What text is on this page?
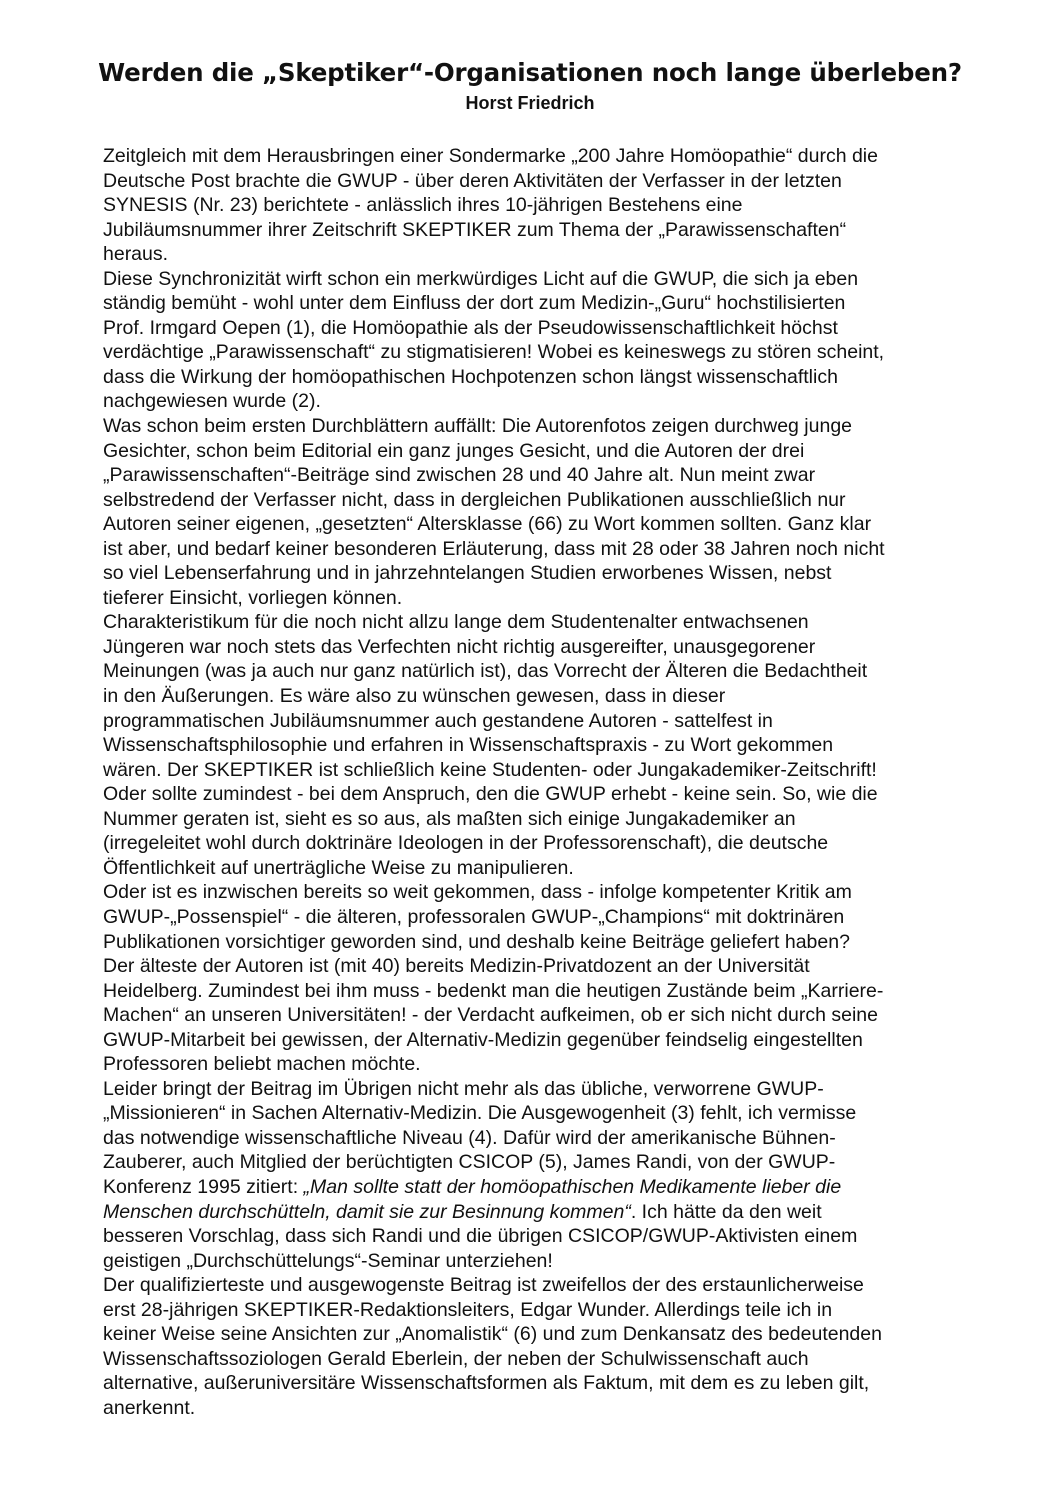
Werden die „Skeptiker“-Organisationen noch lange überleben?
Horst Friedrich
Zeitgleich mit dem Herausbringen einer Sondermarke „200 Jahre Homöopathie“ durch die
Deutsche Post brachte die GWUP - über deren Aktivitäten der Verfasser in der letzten
SYNESIS (Nr. 23) berichtete - anlässlich ihres 10-jährigen Bestehens eine
Jubiläumsnummer ihrer Zeitschrift SKEPTIKER zum Thema der „Parawissenschaften“
heraus.
Diese Synchronizität wirft schon ein merkwürdiges Licht auf die GWUP, die sich ja eben
ständig bemüht - wohl unter dem Einfluss der dort zum Medizin-„Guru“ hochstilisierten
Prof. Irmgard Oepen (1), die Homöopathie als der Pseudowissenschaftlichkeit höchst
verdächtige „Parawissenschaft“ zu stigmatisieren! Wobei es keineswegs zu stören scheint,
dass die Wirkung der homöopathischen Hochpotenzen schon längst wissenschaftlich
nachgewiesen wurde (2).
Was schon beim ersten Durchblättern auffällt: Die Autorenfotos zeigen durchweg junge
Gesichter, schon beim Editorial ein ganz junges Gesicht, und die Autoren der drei
„Parawissenschaften“-Beiträge sind zwischen 28 und 40 Jahre alt. Nun meint zwar
selbstredend der Verfasser nicht, dass in dergleichen Publikationen ausschließlich nur
Autoren seiner eigenen, „gesetzten“ Altersklasse (66) zu Wort kommen sollten. Ganz klar
ist aber, und bedarf keiner besonderen Erläuterung, dass mit 28 oder 38 Jahren noch nicht
so viel Lebenserfahrung und in jahrzehntelangen Studien erworbenes Wissen, nebst
tieferer Einsicht, vorliegen können.
Charakteristikum für die noch nicht allzu lange dem Studentenalter entwachsenen
Jüngeren war noch stets das Verfechten nicht richtig ausgereifter, unausgegorener
Meinungen (was ja auch nur ganz natürlich ist), das Vorrecht der Älteren die Bedachtheit
in den Äußerungen. Es wäre also zu wünschen gewesen, dass in dieser
programmatischen Jubiläumsnummer auch gestandene Autoren - sattelfest in
Wissenschaftsphilosophie und erfahren in Wissenschaftspraxis - zu Wort gekommen
wären. Der SKEPTIKER ist schließlich keine Studenten- oder Jungakademiker-Zeitschrift!
Oder sollte zumindest - bei dem Anspruch, den die GWUP erhebt - keine sein. So, wie die
Nummer geraten ist, sieht es so aus, als maßten sich einige Jungakademiker an
(irregeleitet wohl durch doktrinäre Ideologen in der Professorenschaft), die deutsche
Öffentlichkeit auf unerträgliche Weise zu manipulieren.
Oder ist es inzwischen bereits so weit gekommen, dass - infolge kompetenter Kritik am
GWUP-„Possenspiel“ - die älteren, professoralen GWUP-„Champions“ mit doktrinären
Publikationen vorsichtiger geworden sind, und deshalb keine Beiträge geliefert haben?
Der älteste der Autoren ist (mit 40) bereits Medizin-Privatdozent an der Universität
Heidelberg. Zumindest bei ihm muss - bedenkt man die heutigen Zustände beim „Karriere-
Machen“ an unseren Universitäten! - der Verdacht aufkeimen, ob er sich nicht durch seine
GWUP-Mitarbeit bei gewissen, der Alternativ-Medizin gegenüber feindselig eingestellten
Professoren beliebt machen möchte.
Leider bringt der Beitrag im Übrigen nicht mehr als das übliche, verworrene GWUP-
„Missionieren“ in Sachen Alternativ-Medizin. Die Ausgewogenheit (3) fehlt, ich vermisse
das notwendige wissenschaftliche Niveau (4). Dafür wird der amerikanische Bühnen-
Zauberer, auch Mitglied der berüchtigten CSICOP (5), James Randi, von der GWUP-
Konferenz 1995 zitiert: „Man sollte statt der homöopathischen Medikamente lieber die
Menschen durchschütteln, damit sie zur Besinnung kommen“. Ich hätte da den weit
besseren Vorschlag, dass sich Randi und die übrigen CSICOP/GWUP-Aktivisten einem
geistigen „Durchschüttelungs“-Seminar unterziehen!
Der qualifizierteste und ausgewogenste Beitrag ist zweifellos der des erstaunlicherweise
erst 28-jährigen SKEPTIKER-Redaktionsleiters, Edgar Wunder. Allerdings teile ich in
keiner Weise seine Ansichten zur „Anomalistik“ (6) und zum Denkansatz des bedeutenden
Wissenschaftssoziologen Gerald Eberlein, der neben der Schulwissenschaft auch
alternative, außeruniversitäre Wissenschaftsformen als Faktum, mit dem es zu leben gilt,
anerkennt.
